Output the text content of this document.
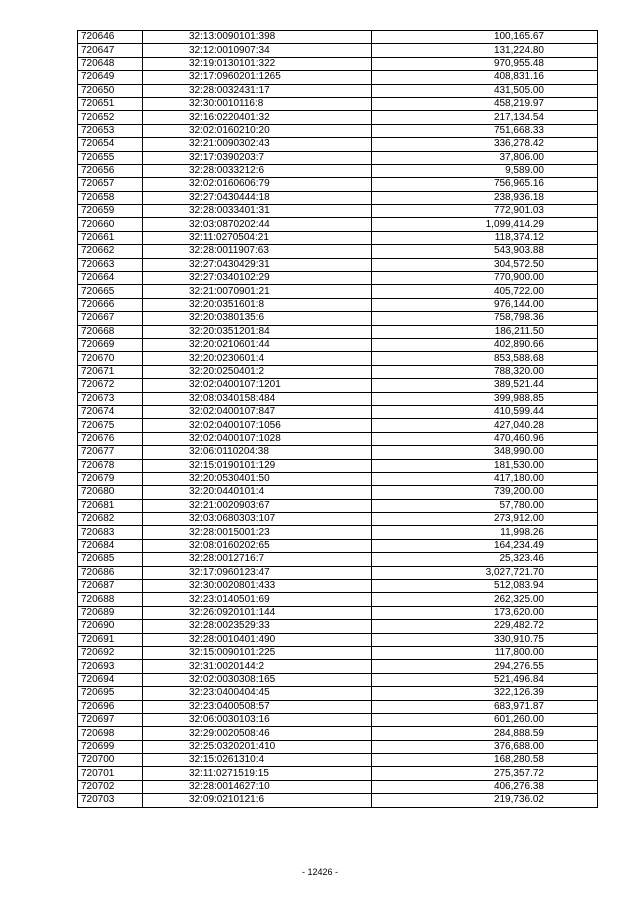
720646	32:13:0090101:398	100,165.67
720647	32:12:0010907:34	131,224.80
720648	32:19:0130101:322	970,955.48
720649	32:17:0960201:1265	408,831.16
720650	32:28:0032431:17	431,505.00
720651	32:30:0010116:8	458,219.97
720652	32:16:0220401:32	217,134.54
720653	32:02:0160210:20	751,668.33
720654	32:21:0090302:43	336,278.42
720655	32:17:0390203:7	37,806.00
720656	32:28:0033212:6	9,589.00
720657	32:02:0160606:79	756,965.16
720658	32:27:0430444:18	238,936.18
720659	32:28:0033401:31	772,901.03
720660	32:03:0870202:44	1,099,414.29
720661	32:11:0270504:21	118,374.12
720662	32:28:0011907:63	543,903.88
720663	32:27:0430429:31	304,572.50
720664	32:27:0340102:29	770,900.00
720665	32:21:0070901:21	405,722.00
720666	32:20:0351601:8	976,144.00
720667	32:20:0380135:6	758,798.36
720668	32:20:0351201:84	186,211.50
720669	32:20:0210601:44	402,890.66
720670	32:20:0230601:4	853,588.68
720671	32:20:0250401:2	788,320.00
720672	32:02:0400107:1201	389,521.44
720673	32:08:0340158:484	399,988.85
720674	32:02:0400107:847	410,599.44
720675	32:02:0400107:1056	427,040.28
720676	32:02:0400107:1028	470,460.96
720677	32:06:0110204:38	348,990.00
720678	32:15:0190101:129	181,530.00
720679	32:20:0530401:50	417,180.00
720680	32:20:0440101:4	739,200.00
720681	32:21:0020903:67	57,780.00
720682	32:03:0680303:107	273,912.00
720683	32:28:0015001:23	11,998.26
720684	32:08:0160202:65	164,234.49
720685	32:28:0012716:7	25,323.46
720686	32:17:0960123:47	3,027,721.70
720687	32:30:0020801:433	512,083.94
720688	32:23:0140501:69	262,325.00
720689	32:26:0920101:144	173,620.00
720690	32:28:0023529:33	229,482.72
720691	32:28:0010401:490	330,910.75
720692	32:15:0090101:225	117,800.00
720693	32:31:0020144:2	294,276.55
720694	32:02:0030308:165	521,496.84
720695	32:23:0400404:45	322,126.39
720696	32:23:0400508:57	683,971.87
720697	32:06:0030103:16	601,260.00
720698	32:29:0020508:46	284,888.59
720699	32:25:0320201:410	376,688.00
720700	32:15:0261310:4	168,280.58
720701	32:11:0271519:15	275,357.72
720702	32:28:0014627:10	406,276.38
720703	32:09:0210121:6	219,736.02
- 12426 -
